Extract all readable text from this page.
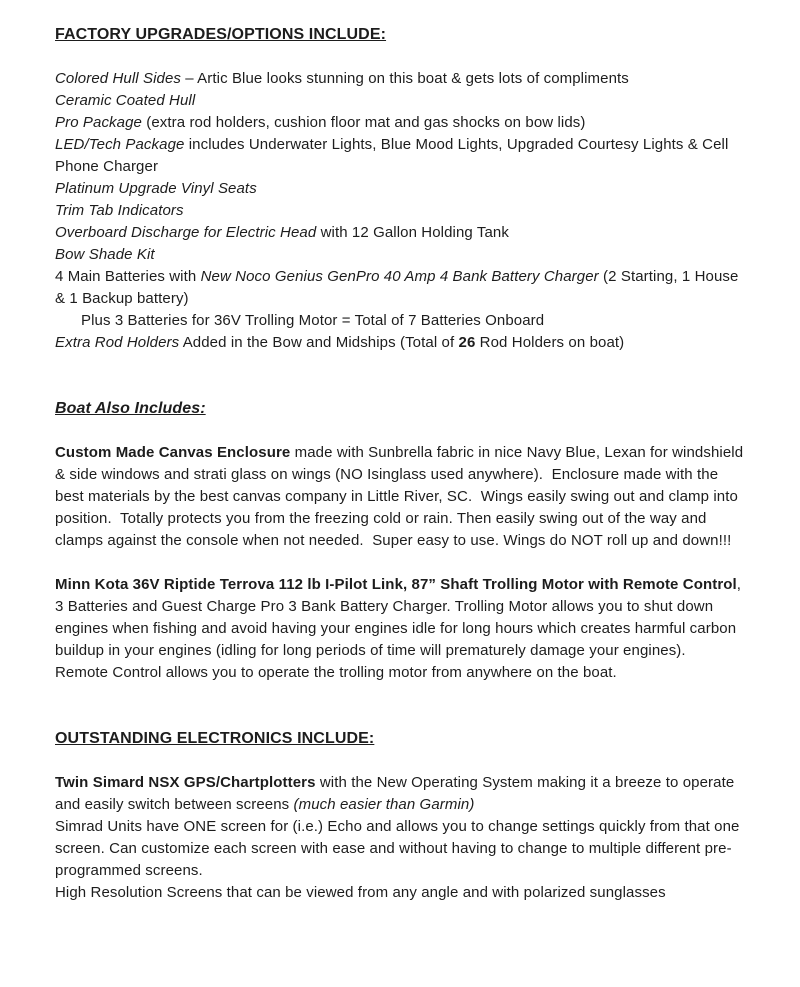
FACTORY UPGRADES/OPTIONS INCLUDE:
Colored Hull Sides – Artic Blue looks stunning on this boat & gets lots of compliments
Ceramic Coated Hull
Pro Package (extra rod holders, cushion floor mat and gas shocks on bow lids)
LED/Tech Package includes Underwater Lights, Blue Mood Lights, Upgraded Courtesy Lights & Cell Phone Charger
Platinum Upgrade Vinyl Seats
Trim Tab Indicators
Overboard Discharge for Electric Head with 12 Gallon Holding Tank
Bow Shade Kit
4 Main Batteries with New Noco Genius GenPro 40 Amp 4 Bank Battery Charger (2 Starting, 1 House & 1 Backup battery)
Plus 3 Batteries for 36V Trolling Motor = Total of 7 Batteries Onboard
Extra Rod Holders Added in the Bow and Midships (Total of 26 Rod Holders on boat)
Boat Also Includes:

Custom Made Canvas Enclosure made with Sunbrella fabric in nice Navy Blue, Lexan for windshield & side windows and strati glass on wings (NO Isinglass used anywhere).  Enclosure made with the best materials by the best canvas company in Little River, SC.  Wings easily swing out and clamp into position.  Totally protects you from the freezing cold or rain. Then easily swing out of the way and clamps against the console when not needed.  Super easy to use. Wings do NOT roll up and down!!!

Minn Kota 36V Riptide Terrova 112 lb I-Pilot Link, 87” Shaft Trolling Motor with Remote Control, 3 Batteries and Guest Charge Pro 3 Bank Battery Charger. Trolling Motor allows you to shut down engines when fishing and avoid having your engines idle for long hours which creates harmful carbon buildup in your engines (idling for long periods of time will prematurely damage your engines).

Remote Control allows you to operate the trolling motor from anywhere on the boat.

OUTSTANDING ELECTRONICS INCLUDE:

Twin Simard NSX GPS/Chartplotters with the New Operating System making it a breeze to operate and easily switch between screens (much easier than Garmin)

Simrad Units have ONE screen for (i.e.) Echo and allows you to change settings quickly from that one screen. Can customize each screen with ease and without having to change to multiple different pre-programmed screens.

High Resolution Screens that can be viewed from any angle and with polarized sunglasses
